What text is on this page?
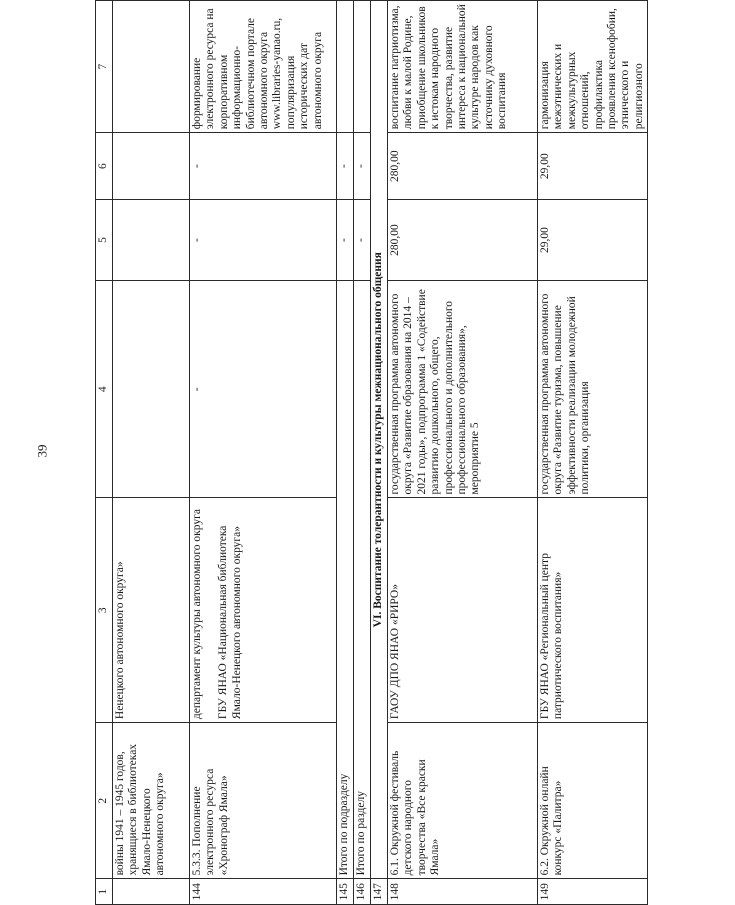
39
1	2	3	4	5	6	7
	войны 1941 – 1945 годов, хранящиеся в библиотеках Ямало-Ненецкого автономного округа»	Ненецкого автономного округа»				
144	5.3.3. Пополнение электронного ресурса «Хронограф Ямала»	департамент культуры автономного округа ГБУ ЯНАО «Национальная библиотека Ямало-Ненецкого автономного округа»	-	-	-	формирование электронного ресурса на корпоративном информационно-библиотечном портале автономного округа www.libraries-yanao.ru, популяризация исторических дат автономного округа
145	Итого по подразделу			-	-	
146	Итого по разделу			-	-	
147	VI. Воспитание толерантности и культуры межнационального общения					
148	6.1. Окружной фестиваль детского народного творчества «Все краски Ямала»	ГАОУ ДПО ЯНАО «РИРО»	государственная программа автономного округа «Развитие образования на 2014 – 2021 годы», подпрограмма 1 «Содействие развитию дошкольного, общего, профессионального и дополнительного профессионального образования», мероприятие 5	280,00	280,00	воспитание патриотизма, любви к малой Родине, приобщение школьников к истокам народного творчества, развитие интереса к национальной культуре народов как источнику духовного воспитания
149	6.2. Окружной онлайн конкурс «Палитра»	ГБУ ЯНАО «Региональный центр патриотического воспитания»	государственная программа автономного округа «Развитие туризма, повышение эффективности реализации молодежной политики, организация	29,00	29,00	гармонизация межэтнических и межкультурных отношений, профилактика проявления ксенофобии, этнического и религиозного
